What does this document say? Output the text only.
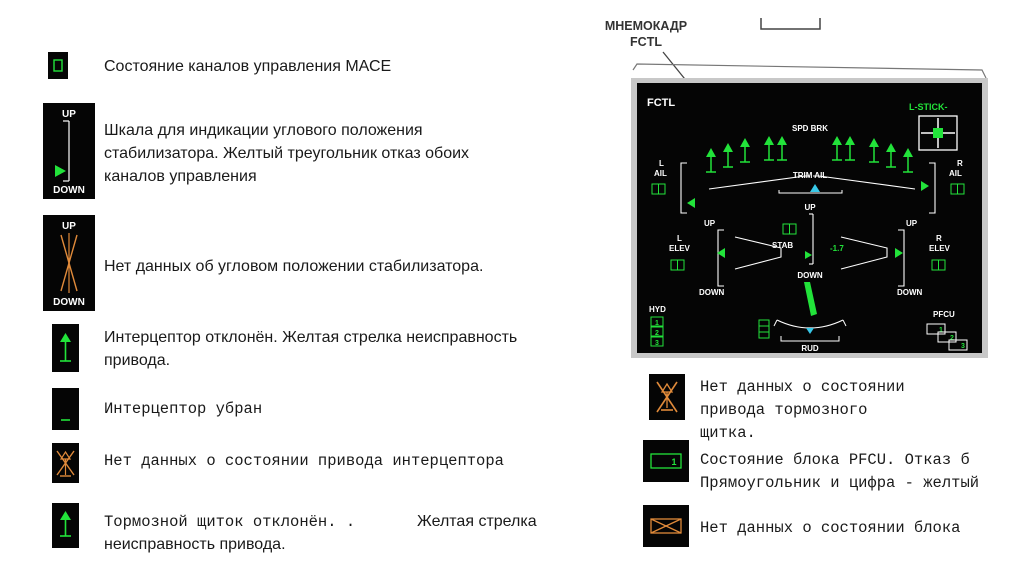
UP
DOWN
UP
DOWN

Состояние каналов управления МАСЕ

Шкала для индикации углового положения

стабилизатора. Желтый треугольник отказ обоих

каналов управления

Нет данных об угловом положении стабилизатора.

Интерцептор отклонён. Желтая стрелка неисправность

привода.

Интерцептор убран

Нет данных о состоянии привода интерцептора

Тормозной щиток отклонён. .	Желтая стрелка

неисправность привода.

МНЕМОКАДР
FCTL
FCTL	L-STICK-
SPD BRK
L
AIL
R
AIL
TRIM AIL
UP
STAB	-1.7
DOWN
UP
DOWN
L
ELEV
UP
DOWN
R
ELEV
RUD
HYD
1
2
3
PFCU
1
2
3
1

Нет данных о состоянии

привода тормозного

щитка.

Состояние блока PFCU. Отказ б

Прямоугольник и цифра - желтый

Нет данных о состоянии блока
